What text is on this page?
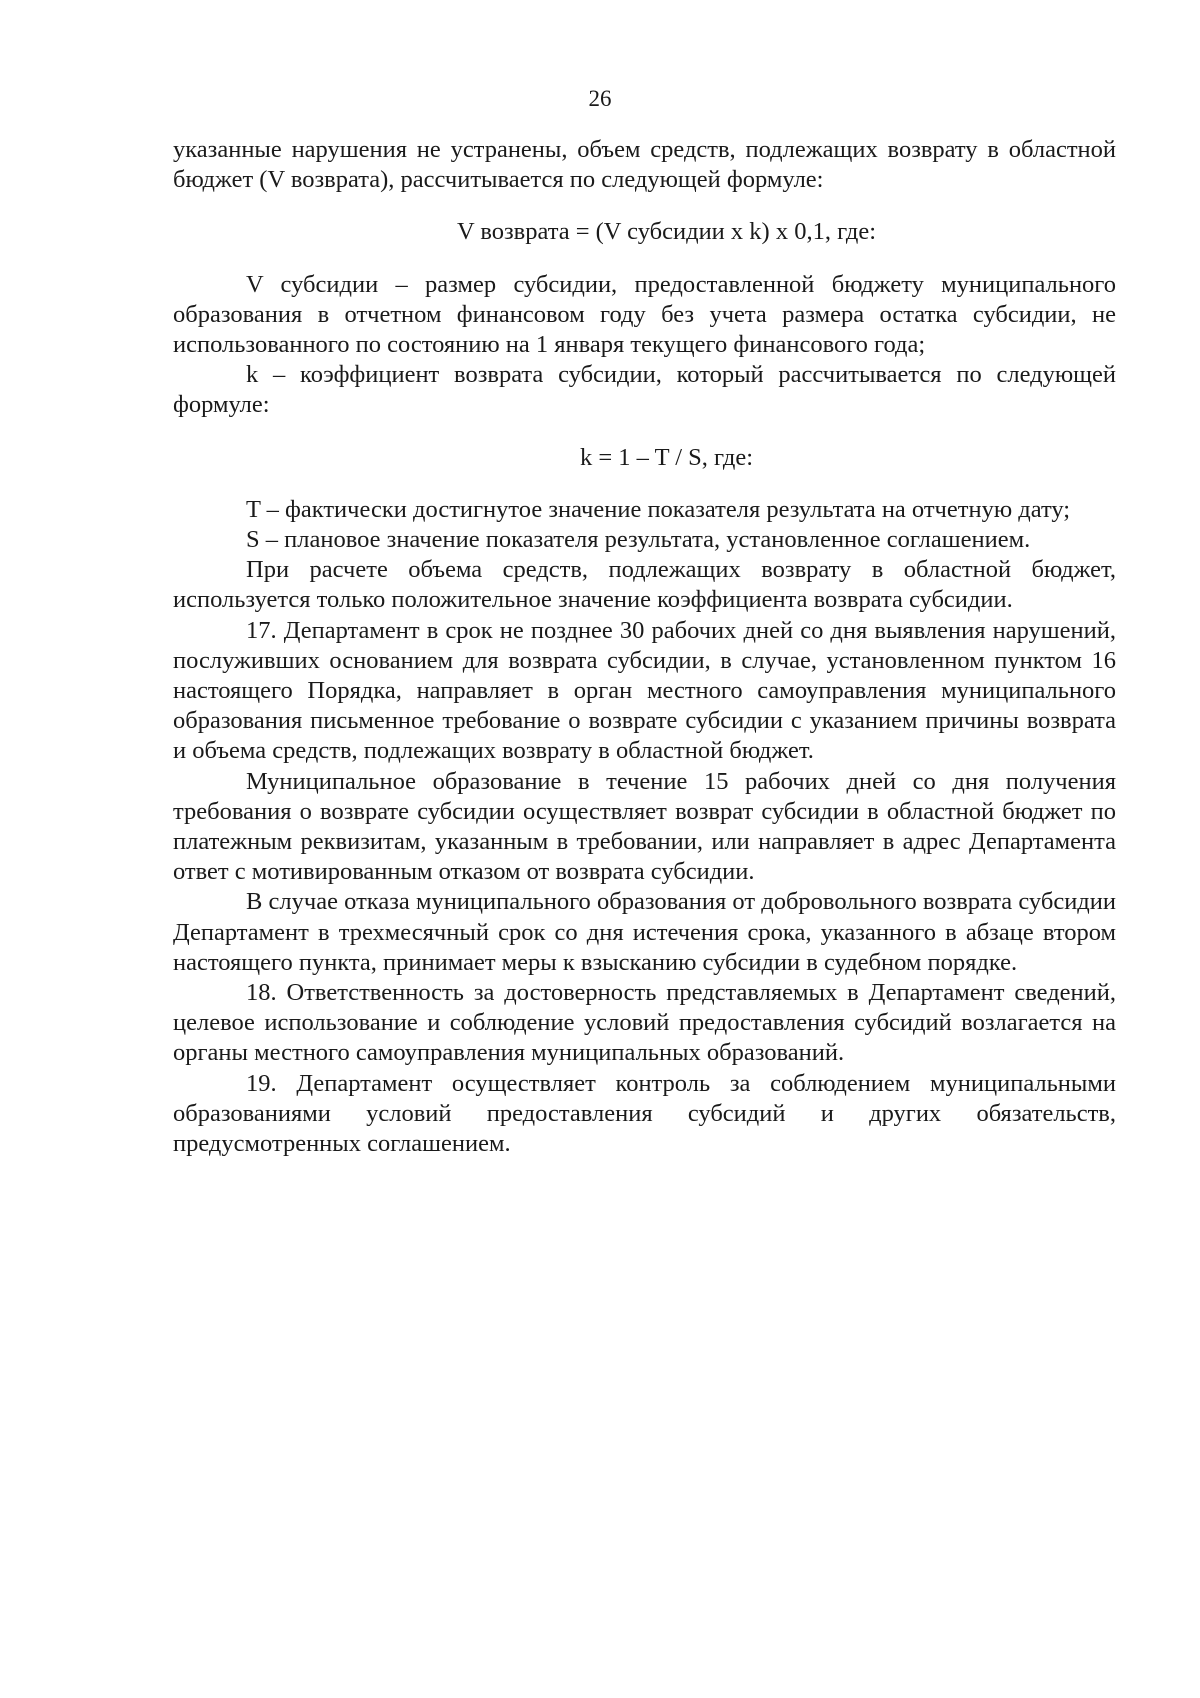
26

указанные нарушения не устранены, объем средств, подлежащих возврату в областной бюджет (V возврата), рассчитывается по следующей формуле:

V возврата = (V субсидии x k) x 0,1, где:

V субсидии – размер субсидии, предоставленной бюджету муниципального образования в отчетном финансовом году без учета размера остатка субсидии, не использованного по состоянию на 1 января текущего финансового года;

k – коэффициент возврата субсидии, который рассчитывается по следующей формуле:

k = 1 – T / S, где:

T – фактически достигнутое значение показателя результата на отчетную дату;

S – плановое значение показателя результата, установленное соглашением.

При расчете объема средств, подлежащих возврату в областной бюджет, используется только положительное значение коэффициента возврата субсидии.

17. Департамент в срок не позднее 30 рабочих дней со дня выявления нарушений, послуживших основанием для возврата субсидии, в случае, установленном пунктом 16 настоящего Порядка, направляет в орган местного самоуправления муниципального образования письменное требование о возврате субсидии с указанием причины возврата и объема средств, подлежащих возврату в областной бюджет.

Муниципальное образование в течение 15 рабочих дней со дня получения требования о возврате субсидии осуществляет возврат субсидии в областной бюджет по платежным реквизитам, указанным в требовании, или направляет в адрес Департамента ответ с мотивированным отказом от возврата субсидии.

В случае отказа муниципального образования от добровольного возврата субсидии Департамент в трехмесячный срок со дня истечения срока, указанного в абзаце втором настоящего пункта, принимает меры к взысканию субсидии в судебном порядке.

18. Ответственность за достоверность представляемых в Департамент сведений, целевое использование и соблюдение условий предоставления субсидий возлагается на органы местного самоуправления муниципальных образований.

19. Департамент осуществляет контроль за соблюдением муниципальными образованиями условий предоставления субсидий и других обязательств, предусмотренных соглашением.
